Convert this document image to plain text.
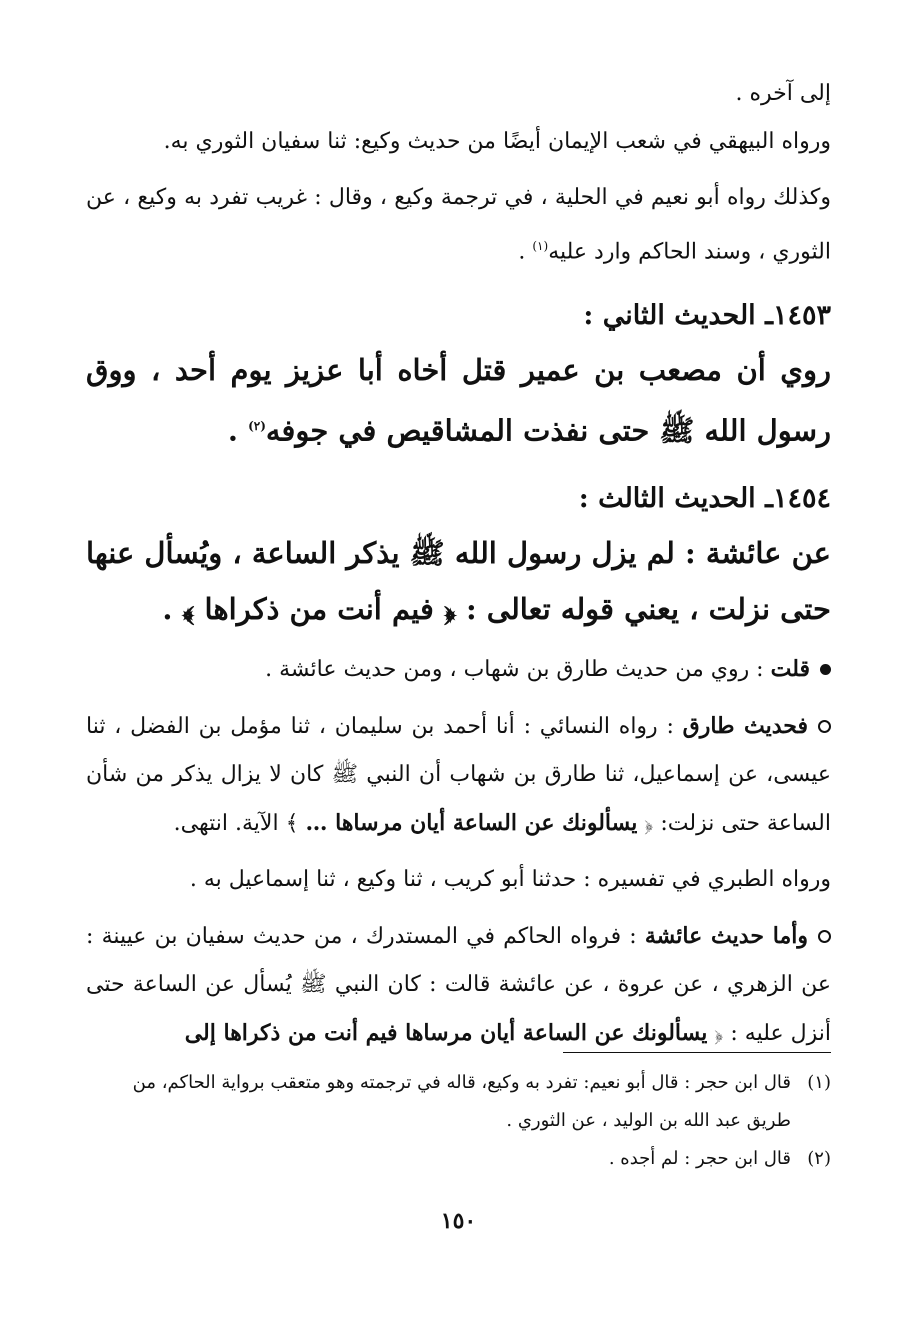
إلى آخره .

ورواه البيهقي في شعب الإيمان أيضًا من حديث وكيع: ثنا سفيان الثوري به.

وكذلك رواه أبو نعيم في الحلية ، في ترجمة وكيع ، وقال : غريب تفرد به وكيع ، عن الثوري ، وسند الحاكم وارد عليه$^{(١)}$ .

١٤٥٣ـ الحديث الثاني :

روي أن مصعب بن عمير قتل أخاه أبا عزيز يوم أحد ، ووق رسول الله ﷺ حتى نفذت المشاقيص في جوفه$^{(٢)}$ .

١٤٥٤ـ الحديث الثالث :

عن عائشة : لم يزل رسول الله ﷺ يذكر الساعة ، ويُسأل عنها حتى نزلت ، يعني قوله تعالى : ﴿ فيم أنت من ذكراها ﴾ .

قلت : روي من حديث طارق بن شهاب ، ومن حديث عائشة .

فحديث طارق : رواه النسائي : أنا أحمد بن سليمان ، ثنا مؤمل بن الفضل ، ثنا عيسى، عن إسماعيل، ثنا طارق بن شهاب أن النبي ﷺ كان لا يزال يذكر من شأن الساعة حتى نزلت: ﴿ يسألونك عن الساعة أيان مرساها … ﴾ الآية. انتهى.

ورواه الطبري في تفسيره : حدثنا أبو كريب ، ثنا وكيع ، ثنا إسماعيل به .

وأما حديث عائشة : فرواه الحاكم في المستدرك ، من حديث سفيان بن عيينة : عن الزهري ، عن عروة ، عن عائشة قالت : كان النبي ﷺ يُسأل عن الساعة حتى أنزل عليه : ﴿ يسألونك عن الساعة أيان مرساها فيم أنت من ذكراها إلى

(١)
قال ابن حجر : قال أبو نعيم: تفرد به وكيع، قاله في ترجمته وهو متعقب برواية الحاكم، من طريق عبد الله بن الوليد ، عن الثوري .
(٢)
قال ابن حجر : لم أجده .
١٥٠
